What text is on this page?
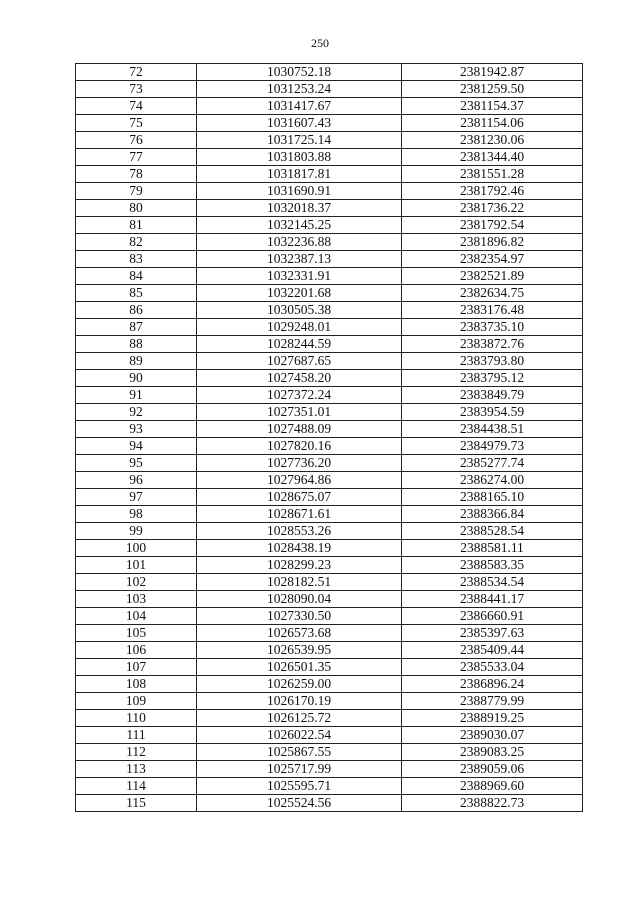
250
72	1030752.18	2381942.87
73	1031253.24	2381259.50
74	1031417.67	2381154.37
75	1031607.43	2381154.06
76	1031725.14	2381230.06
77	1031803.88	2381344.40
78	1031817.81	2381551.28
79	1031690.91	2381792.46
80	1032018.37	2381736.22
81	1032145.25	2381792.54
82	1032236.88	2381896.82
83	1032387.13	2382354.97
84	1032331.91	2382521.89
85	1032201.68	2382634.75
86	1030505.38	2383176.48
87	1029248.01	2383735.10
88	1028244.59	2383872.76
89	1027687.65	2383793.80
90	1027458.20	2383795.12
91	1027372.24	2383849.79
92	1027351.01	2383954.59
93	1027488.09	2384438.51
94	1027820.16	2384979.73
95	1027736.20	2385277.74
96	1027964.86	2386274.00
97	1028675.07	2388165.10
98	1028671.61	2388366.84
99	1028553.26	2388528.54
100	1028438.19	2388581.11
101	1028299.23	2388583.35
102	1028182.51	2388534.54
103	1028090.04	2388441.17
104	1027330.50	2386660.91
105	1026573.68	2385397.63
106	1026539.95	2385409.44
107	1026501.35	2385533.04
108	1026259.00	2386896.24
109	1026170.19	2388779.99
110	1026125.72	2388919.25
111	1026022.54	2389030.07
112	1025867.55	2389083.25
113	1025717.99	2389059.06
114	1025595.71	2388969.60
115	1025524.56	2388822.73
